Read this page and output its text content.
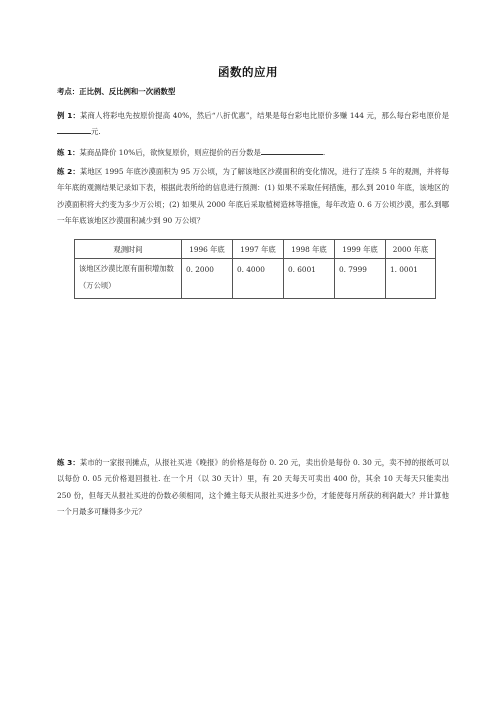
函数的应用
考点：正比例、反比例和一次函数型
例 1：某商人将彩电先按原价提高 40%，然后“八折优惠”，结果是每台彩电比原价多赚 144 元，那么每台彩电原价是元.
练 1：某商品降价 10%后，欲恢复原价，则应提价的百分数是	.
练 2：某地区 1995 年底沙漠面积为 95 万公顷，为了解该地区沙漠面积的变化情况，进行了连续 5 年的观测，并将每年年底的观测结果记录如下表，根据此表所给的信息进行预测：(1) 如果不采取任何措施，那么到 2010 年底，该地区的沙漠面积将大约变为多少万公顷；(2) 如果从 2000 年底后采取植树造林等措施，每年改造 0. 6 万公顷沙漠，那么到哪一年年底该地区沙漠面积减少到 90 万公顷？
观测时间	1996 年底	1997 年底	1998 年底	1999 年底	2000 年底
该地区沙漠比原有面积增加数（万公顷）	0. 2000	0. 4000	0. 6001	0. 7999	1. 0001
练 3：某市的一家报刊摊点，从报社买进《晚报》的价格是每份 0. 20 元，卖出价是每份 0. 30 元，卖不掉的报纸可以以每份 0. 05 元价格退回报社. 在一个月（以 30 天计）里，有 20 天每天可卖出 400 份，其余 10 天每天只能卖出 250 份，但每天从报社买进的份数必须相同，这个摊主每天从报社买进多少份，才能使每月所获的利润最大？并计算他一个月最多可赚得多少元？
